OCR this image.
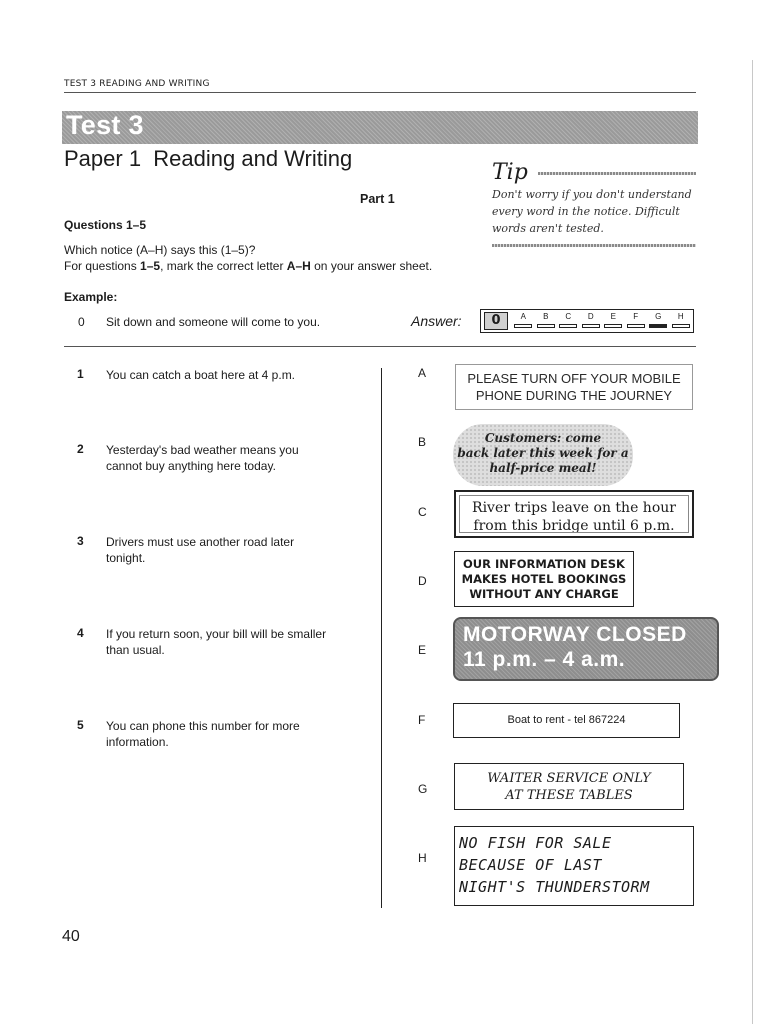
TEST 3 READING AND WRITING
Test 3
Paper 1  Reading and Writing
Part 1
Tip
Don't worry if you don't understand
every word in the notice. Difficult
words aren't tested.
Questions 1–5
Which notice (A–H) says this (1–5)?
For questions 1–5, mark the correct letter A–H on your answer sheet.
Example:
0 Sit down and someone will come to you.	Answer:	0	A	B	C	D	E	F	G	H
1 You can catch a boat here at 4 p.m.
2 Yesterday's bad weather means you
cannot buy anything here today.
3 Drivers must use another road later
tonight.
4 If you return soon, your bill will be smaller
than usual.
5 You can phone this number for more
information.
A
B
C
D
E
F
G
H
PLEASE TURN OFF YOUR MOBILE
PHONE DURING THE JOURNEY
Customers: come
back later this week for a
half-price meal!
River trips leave on the hour
from this bridge until 6 p.m.
OUR INFORMATION DESK
MAKES HOTEL BOOKINGS
WITHOUT ANY CHARGE
MOTORWAY CLOSED
11 p.m. – 4 a.m.
Boat to rent - tel 867224
WAITER SERVICE ONLY
AT THESE TABLES
NO FISH FOR SALE
BECAUSE OF LAST
NIGHT'S THUNDERSTORM
40
